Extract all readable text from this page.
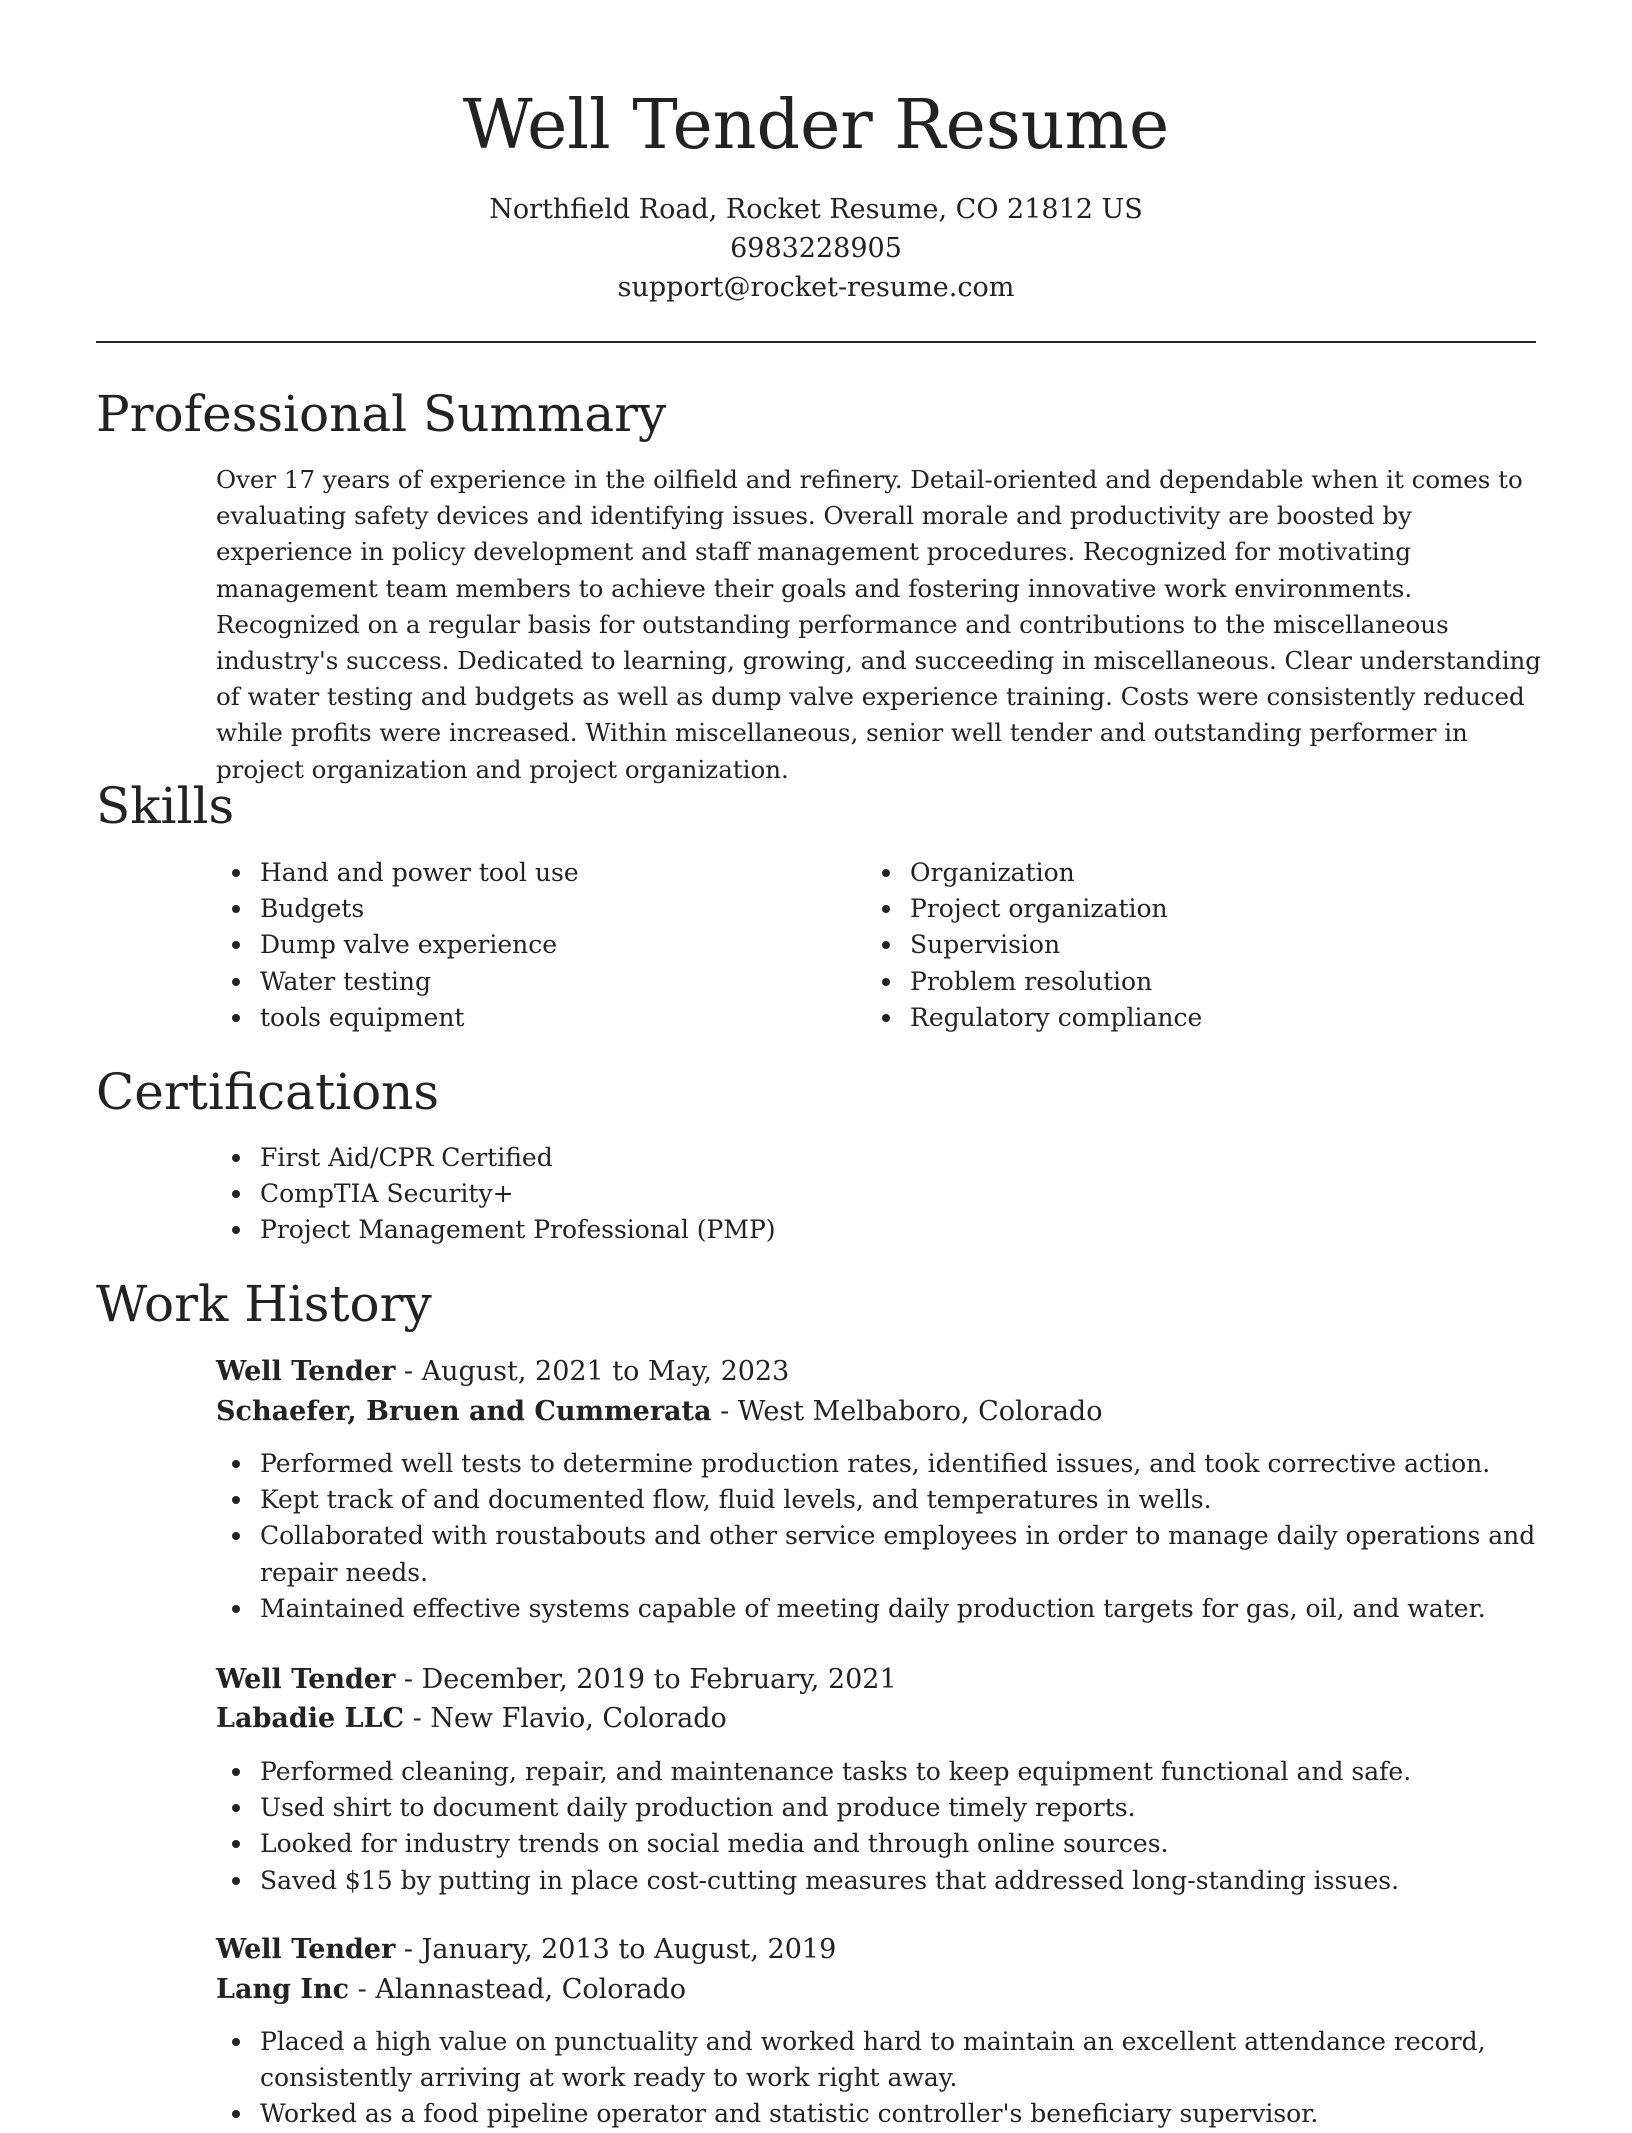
Well Tender Resume
Northfield Road, Rocket Resume, CO 21812 US
6983228905
support@rocket-resume.com
Professional Summary

Over 17 years of experience in the oilfield and refinery. Detail-oriented and dependable when it comes to evaluating safety devices and identifying issues. Overall morale and productivity are boosted by experience in policy development and staff management procedures. Recognized for motivating management team members to achieve their goals and fostering innovative work environments. Recognized on a regular basis for outstanding performance and contributions to the miscellaneous industry's success. Dedicated to learning, growing, and succeeding in miscellaneous. Clear understanding of water testing and budgets as well as dump valve experience training. Costs were consistently reduced while profits were increased. Within miscellaneous, senior well tender and outstanding performer in project organization and project organization.

Skills
Hand and power tool use
Budgets
Dump valve experience
Water testing
tools equipment
Organization
Project organization
Supervision
Problem resolution
Regulatory compliance
Certifications
First Aid/CPR Certified
CompTIA Security+
Project Management Professional (PMP)
Work History
Well Tender - August, 2021 to May, 2023
Schaefer, Bruen and Cummerata - West Melbaboro, Colorado
Performed well tests to determine production rates, identified issues, and took corrective action.
Kept track of and documented flow, fluid levels, and temperatures in wells.
Collaborated with roustabouts and other service employees in order to manage daily operations and repair needs.
Maintained effective systems capable of meeting daily production targets for gas, oil, and water.
Well Tender - December, 2019 to February, 2021
Labadie LLC - New Flavio, Colorado
Performed cleaning, repair, and maintenance tasks to keep equipment functional and safe.
Used shirt to document daily production and produce timely reports.
Looked for industry trends on social media and through online sources.
Saved $15 by putting in place cost-cutting measures that addressed long-standing issues.
Well Tender - January, 2013 to August, 2019
Lang Inc - Alannastead, Colorado
Placed a high value on punctuality and worked hard to maintain an excellent attendance record, consistently arriving at work ready to work right away.
Worked as a food pipeline operator and statistic controller's beneficiary supervisor.
